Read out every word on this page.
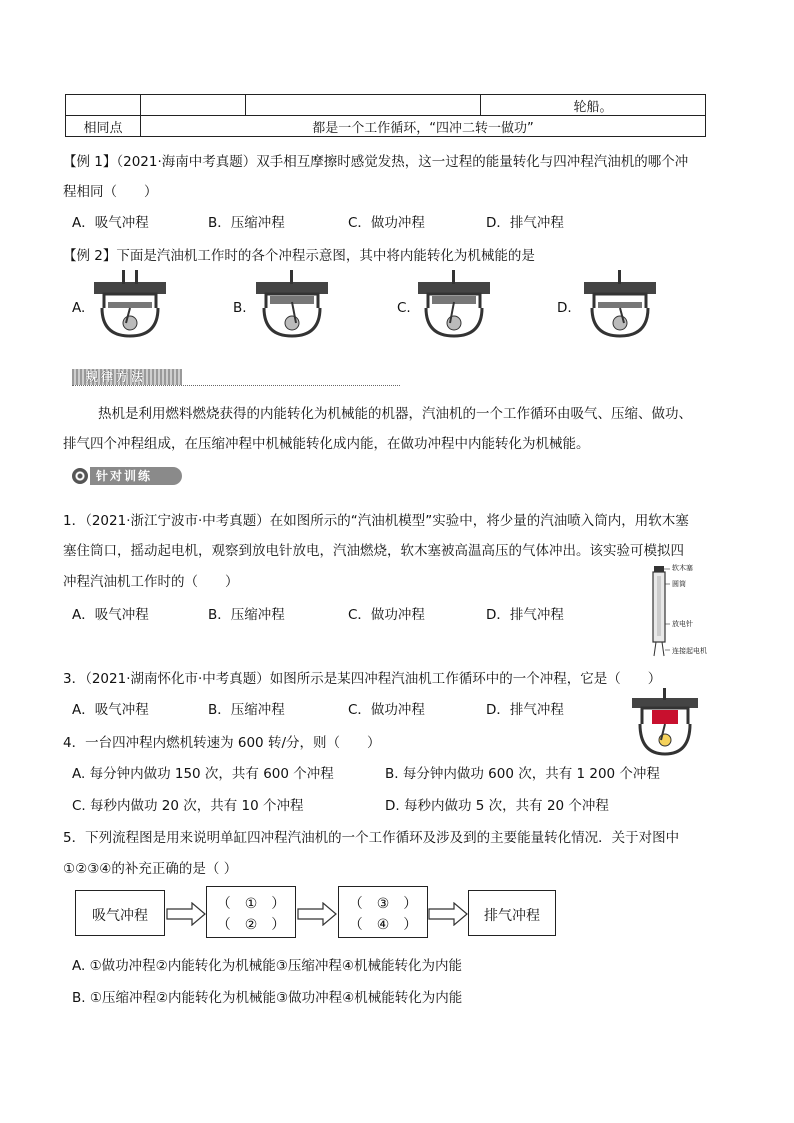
			轮船。
相同点	都是一个工作循环，“四冲二转一做功”		
【例 1】（2021·海南中考真题）双手相互摩擦时感觉发热，这一过程的能量转化与四冲程汽油机的哪个冲
程相同（　　）
A．吸气冲程	B．压缩冲程	C．做功冲程	D．排气冲程
【例 2】下面是汽油机工作时的各个冲程示意图，其中将内能转化为机械能的是
A.	B.	C.	D.
规律方法
热机是利用燃料燃烧获得的内能转化为机械能的机器，汽油机的一个工作循环由吸气、压缩、做功、
排气四个冲程组成，在压缩冲程中机械能转化成内能，在做功冲程中内能转化为机械能。
针对训练
1．（2021·浙江宁波市·中考真题）在如图所示的“汽油机模型”实验中，将少量的汽油喷入筒内，用软木塞
塞住筒口，摇动起电机，观察到放电针放电，汽油燃烧，软木塞被高温高压的气体冲出。该实验可模拟四
冲程汽油机工作时的（　　）
A．吸气冲程	B．压缩冲程	C．做功冲程	D．排气冲程
软木塞
圆筒
放电针
连接起电机
3．（2021·湖南怀化市·中考真题）如图所示是某四冲程汽油机工作循环中的一个冲程，它是（　　）
A．吸气冲程	B．压缩冲程	C．做功冲程	D．排气冲程
4．一台四冲程内燃机转速为 600 转/分，则（　　）
A. 每分钟内做功 150 次，共有 600 个冲程	B. 每分钟内做功 600 次，共有 1 200 个冲程
C. 每秒内做功 20 次，共有 10 个冲程	D. 每秒内做功 5 次，共有 20 个冲程
5．下列流程图是用来说明单缸四冲程汽油机的一个工作循环及涉及到的主要能量转化情况．关于对图中
①②③④的补充正确的是（ ）
吸气冲程
（　①　）
（　②　）
（　③　）
（　④　）
排气冲程
A. ①做功冲程②内能转化为机械能③压缩冲程④机械能转化为内能
B. ①压缩冲程②内能转化为机械能③做功冲程④机械能转化为内能
